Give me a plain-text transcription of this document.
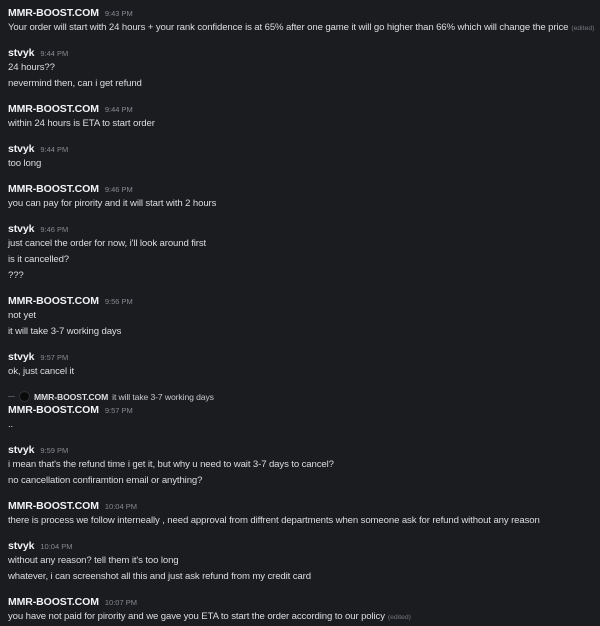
MMR-BOOST.COM 9:43 PM
Your order will start with 24 hours + your rank confidence is at 65% after one game it will go higher than 66% which will change the price (edited)
stvyk 9:44 PM
24 hours??
nevermind then, can i get refund
MMR-BOOST.COM 9:44 PM
within 24 hours is ETA to start order
stvyk 9:44 PM
too long
MMR-BOOST.COM 9:46 PM
you can pay for pirority and it will start with 2 hours
stvyk 9:46 PM
just cancel the order for now, i'll look around first
is it cancelled?
???
MMR-BOOST.COM 9:56 PM
not yet
it will take 3-7 working days
stvyk 9:57 PM
ok, just cancel it
MMR-BOOST.COM it will take 3-7 working days
MMR-BOOST.COM 9:57 PM
..
stvyk 9:59 PM
i mean that's the refund time i get it, but why u need to wait 3-7 days to cancel?
no cancellation confiramtion email or anything?
MMR-BOOST.COM 10:04 PM
there is process we follow interneally , need approval from diffrent departments when someone ask for refund without any reason
stvyk 10:04 PM
without any reason? tell them it's too long
whatever, i can screenshot all this and just ask refund from my credit card
MMR-BOOST.COM 10:07 PM
you have not paid for pirority and we gave you ETA to start the order according to our policy (edited)
